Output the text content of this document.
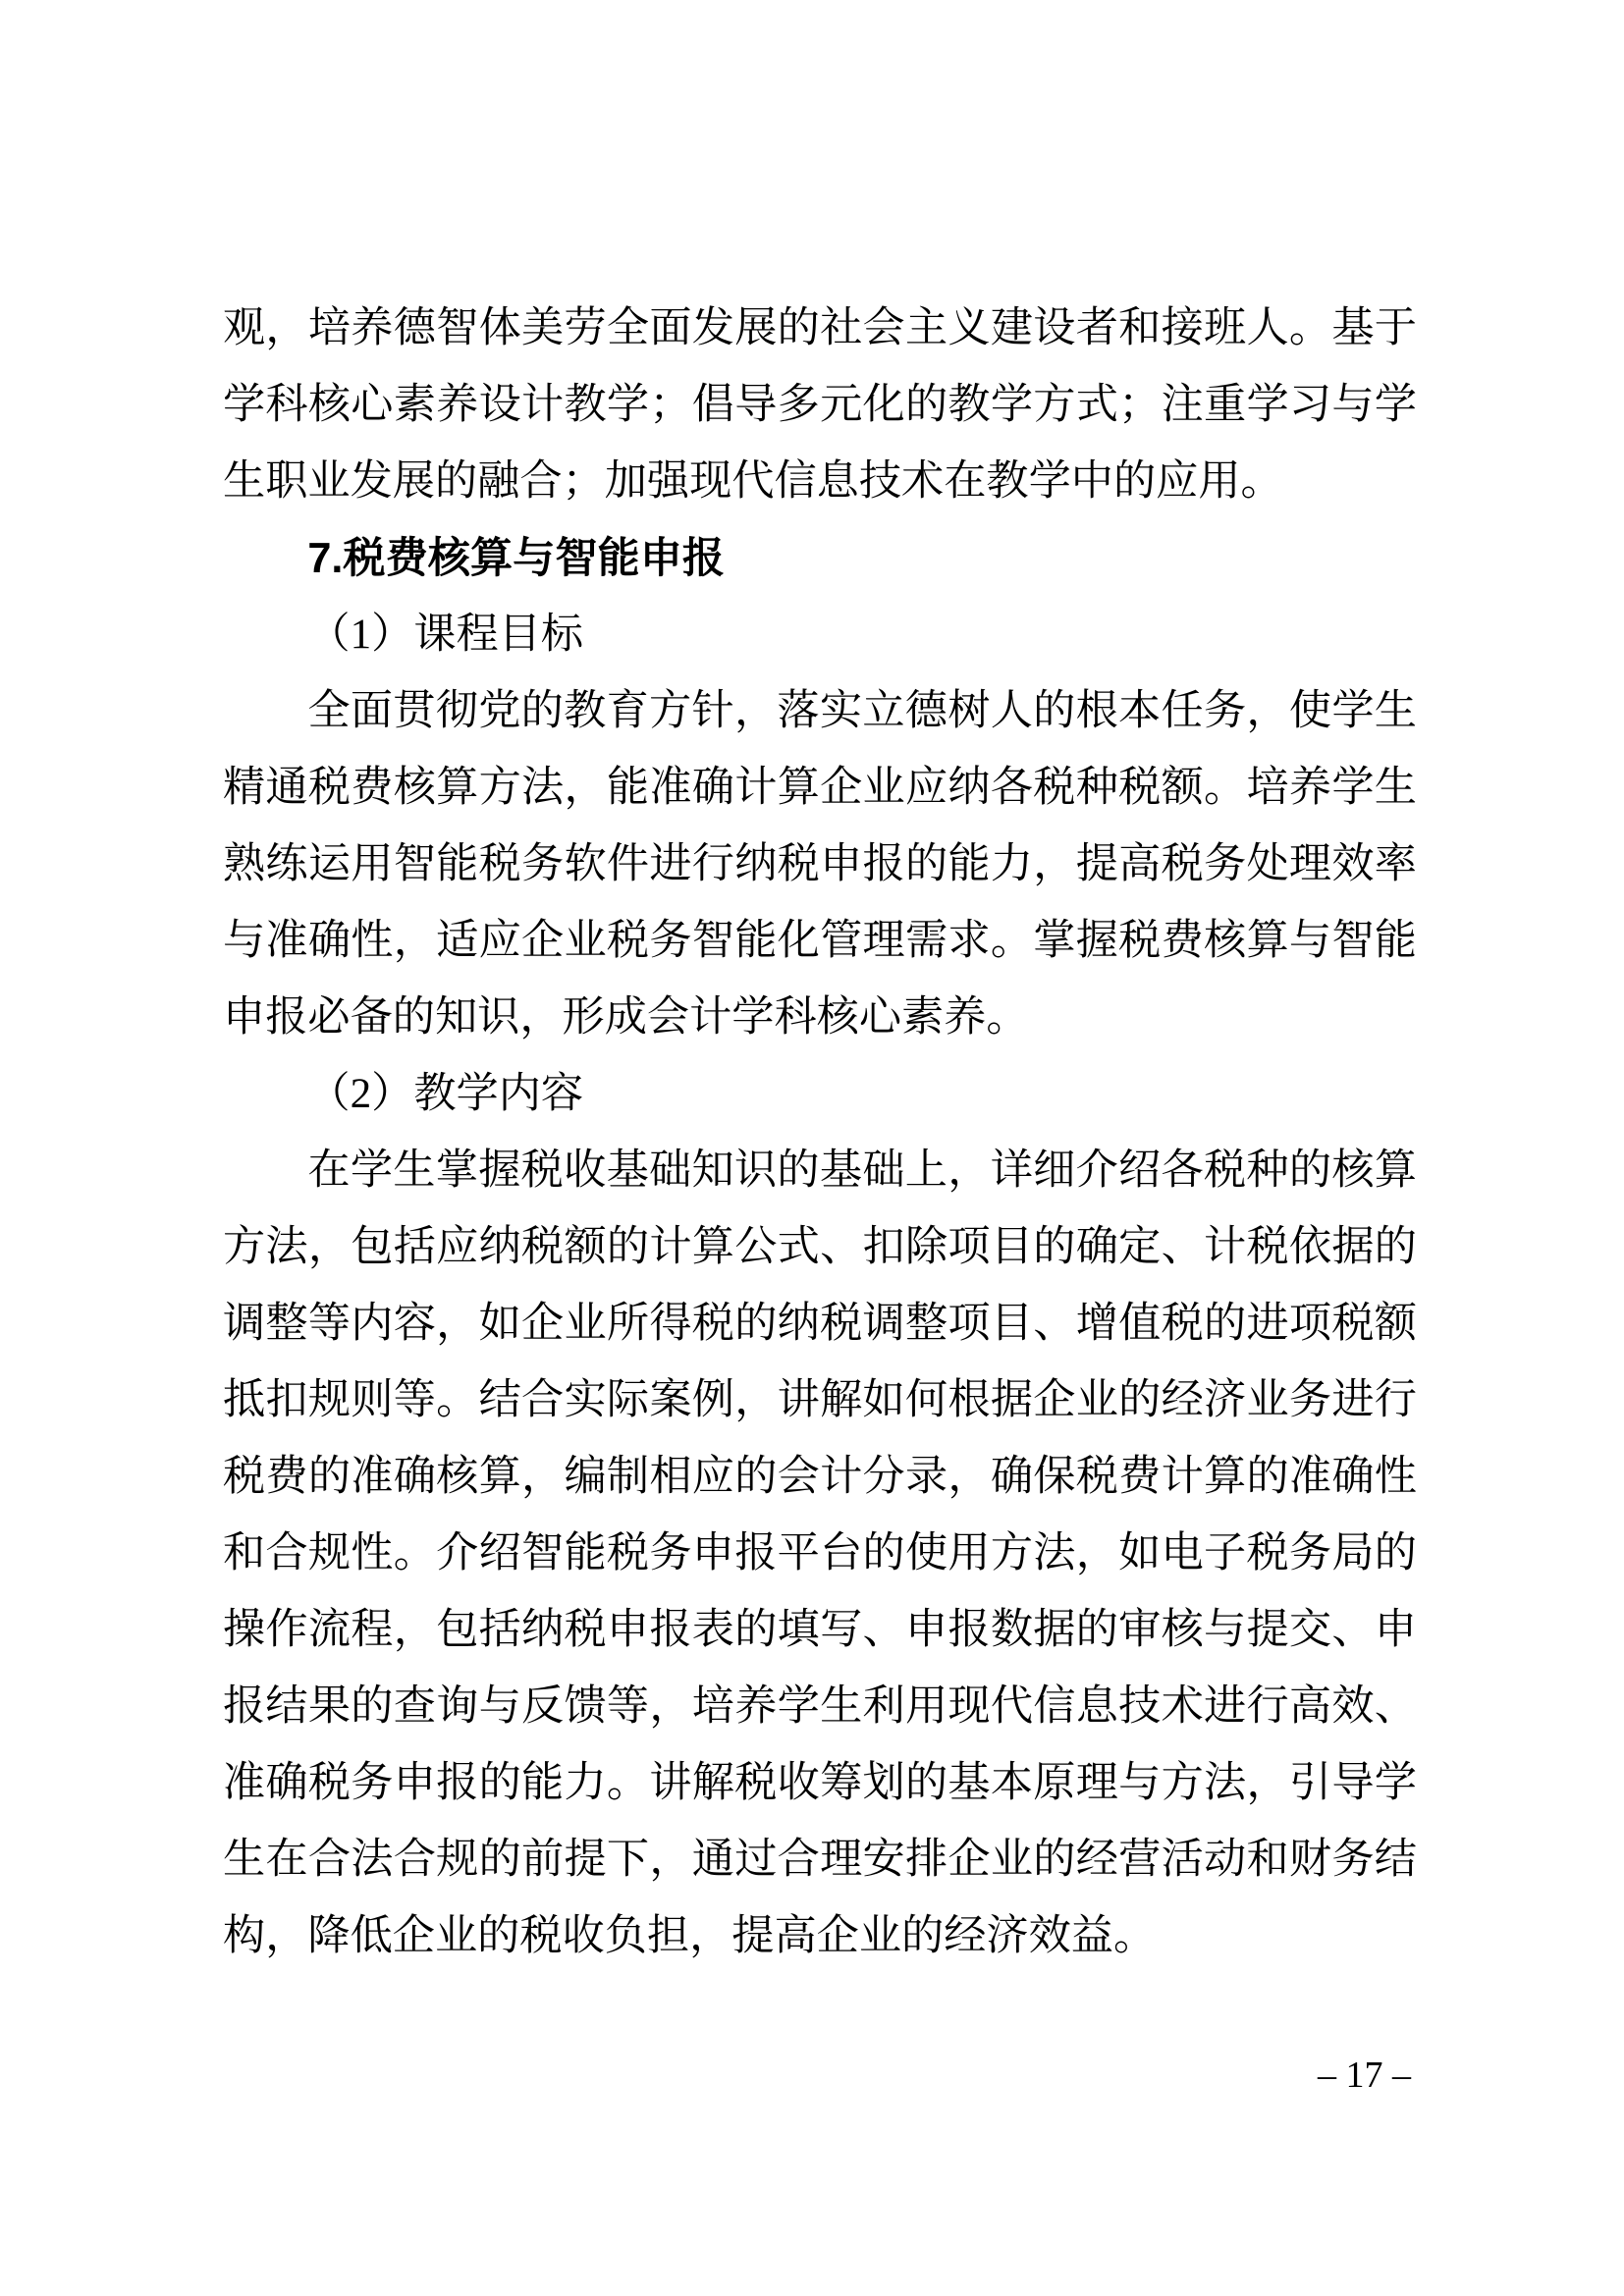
观，培养德智体美劳全面发展的社会主义建设者和接班人。基于学科核心素养设计教学；倡导多元化的教学方式；注重学习与学生职业发展的融合；加强现代信息技术在教学中的应用。

7.税费核算与智能申报

（1）课程目标

全面贯彻党的教育方针，落实立德树人的根本任务，使学生精通税费核算方法，能准确计算企业应纳各税种税额。培养学生熟练运用智能税务软件进行纳税申报的能力，提高税务处理效率与准确性，适应企业税务智能化管理需求。掌握税费核算与智能申报必备的知识，形成会计学科核心素养。

（2）教学内容

在学生掌握税收基础知识的基础上，详细介绍各税种的核算方法，包括应纳税额的计算公式、扣除项目的确定、计税依据的调整等内容，如企业所得税的纳税调整项目、增值税的进项税额抵扣规则等。结合实际案例，讲解如何根据企业的经济业务进行税费的准确核算，编制相应的会计分录，确保税费计算的准确性和合规性。介绍智能税务申报平台的使用方法，如电子税务局的操作流程，包括纳税申报表的填写、申报数据的审核与提交、申报结果的查询与反馈等，培养学生利用现代信息技术进行高效、准确税务申报的能力。讲解税收筹划的基本原理与方法，引导学生在合法合规的前提下，通过合理安排企业的经营活动和财务结构，降低企业的税收负担，提高企业的经济效益。

– 17 –
